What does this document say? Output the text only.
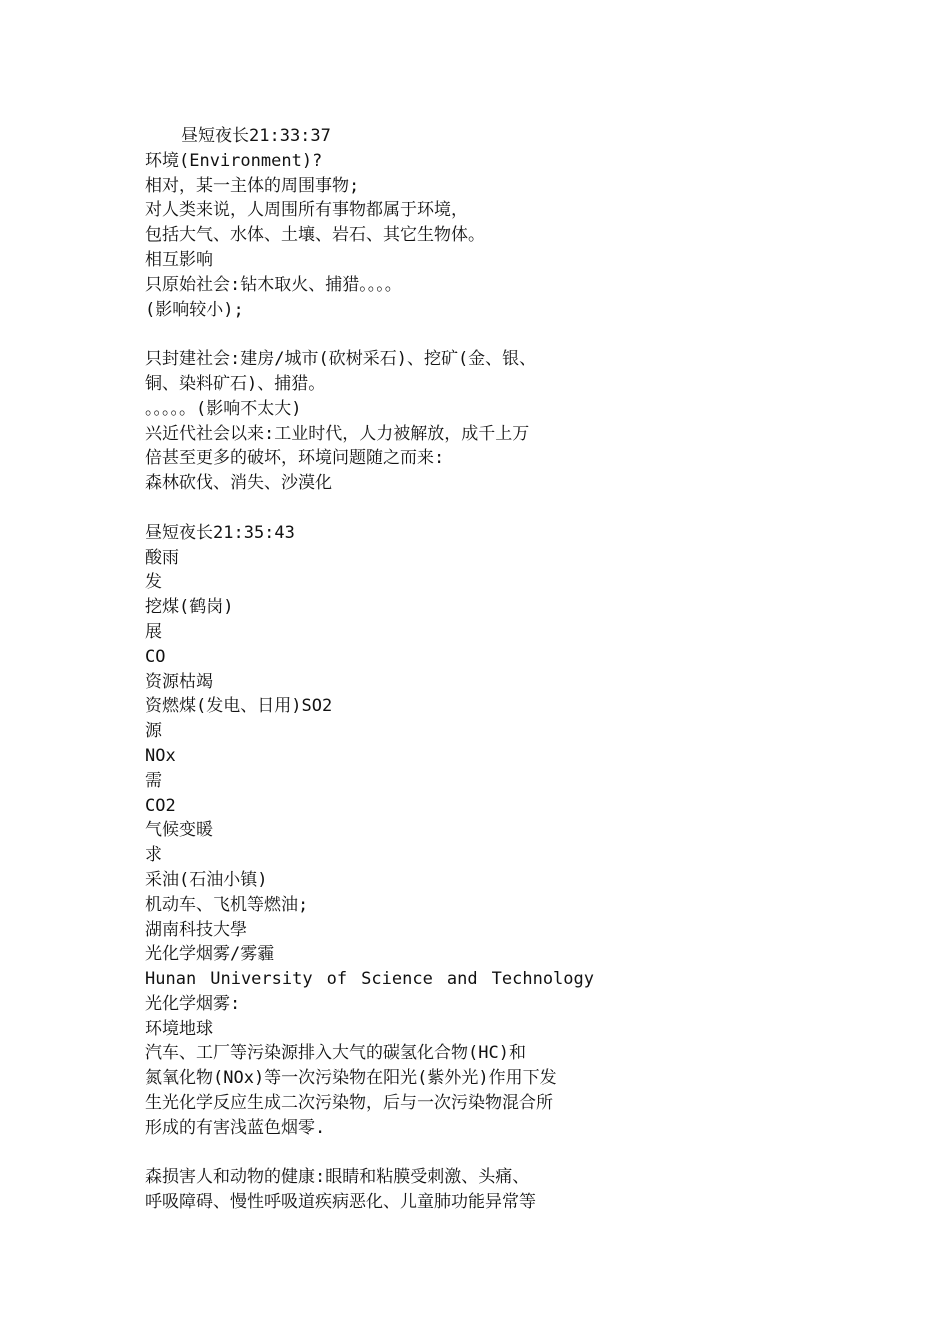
昼短夜长21:33:37
环境(Environment)?
相对，某一主体的周围事物;
对人类来说，人周围所有事物都属于环境，
包括大气、水体、土壤、岩石、其它生物体。
相互影响
只原始社会:钻木取火、捕猎。。。。
(影响较小);
只封建社会:建房/城市(砍树采石)、挖矿(金、银、
铜、染料矿石)、捕猎。
。。。。。(影响不太大)
兴近代社会以来:工业时代，人力被解放，成千上万
倍甚至更多的破坏，环境问题随之而来:
森林砍伐、消失、沙漠化
昼短夜长21:35:43
酸雨
发
挖煤(鹤岗)
展
CO
资源枯竭
资燃煤(发电、日用)SO2
源
NOx
需
CO2
气候变暖
求
采油(石油小镇)
机动车、飞机等燃油;
湖南科技大學
光化学烟雾/雾霾
Hunan University of Science and Technology
光化学烟雾:
环境地球
汽车、工厂等污染源排入大气的碳氢化合物(HC)和
氮氧化物(NOx)等一次污染物在阳光(紫外光)作用下发
生光化学反应生成二次污染物，后与一次污染物混合所
形成的有害浅蓝色烟零.
森损害人和动物的健康:眼睛和粘膜受刺激、头痛、
呼吸障碍、慢性呼吸道疾病恶化、儿童肺功能异常等
